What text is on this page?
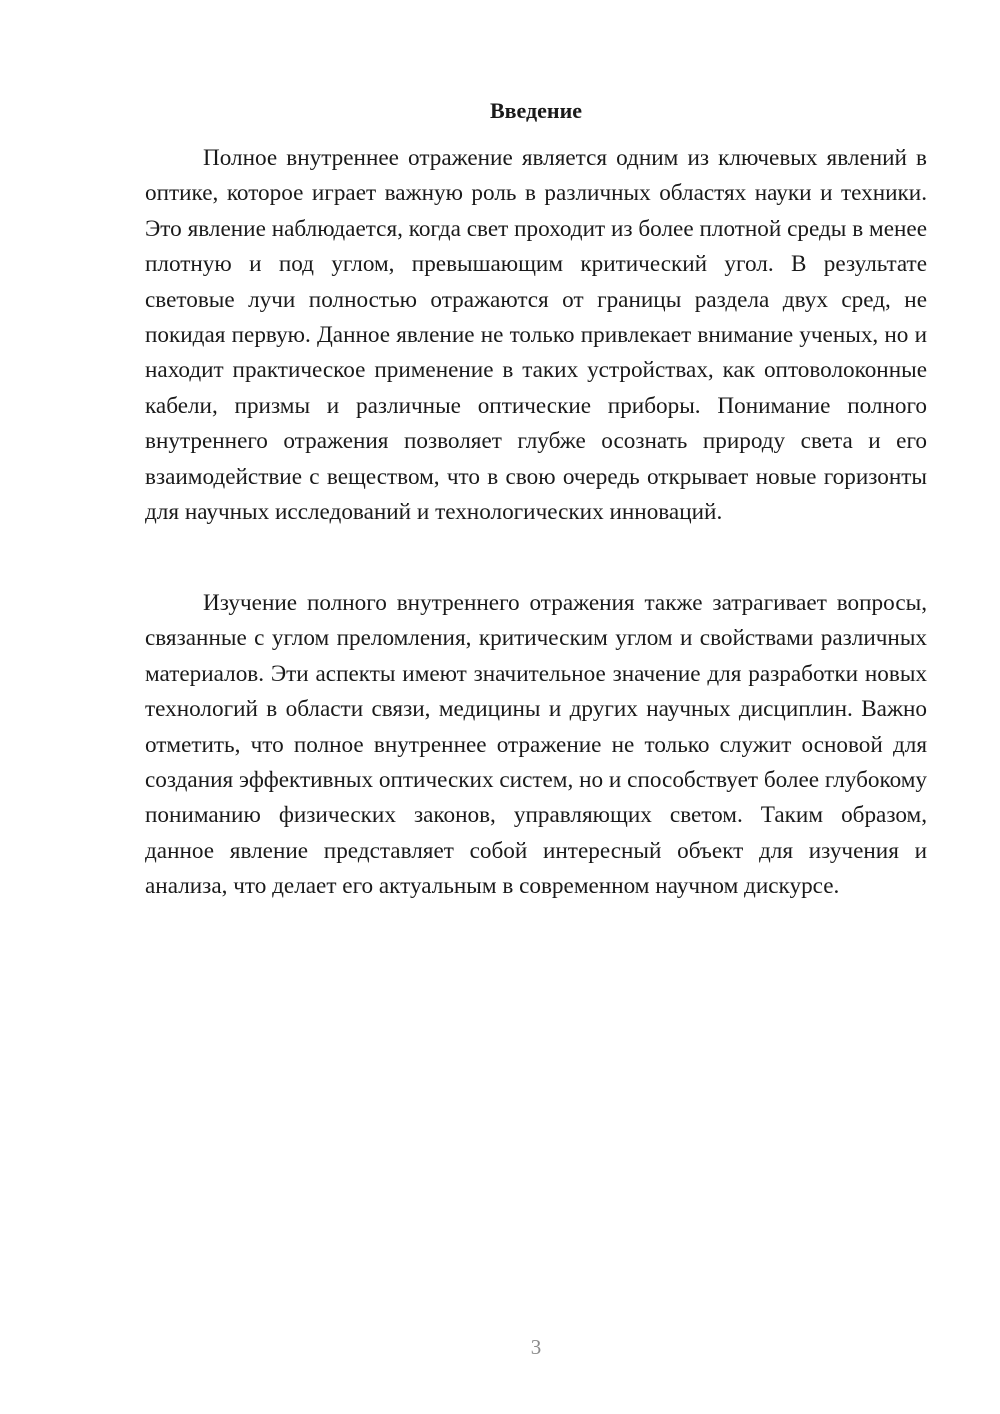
Введение

Полное внутреннее отражение является одним из ключевых явлений в оптике, которое играет важную роль в различных областях науки и техники. Это явление наблюдается, когда свет проходит из более плотной среды в менее плотную и под углом, превышающим критический угол. В результате световые лучи полностью отражаются от границы раздела двух сред, не покидая первую. Данное явление не только привлекает внимание ученых, но и находит практическое применение в таких устройствах, как оптоволоконные кабели, призмы и различные оптические приборы. Понимание полного внутреннего отражения позволяет глубже осознать природу света и его взаимодействие с веществом, что в свою очередь открывает новые горизонты для научных исследований и технологических инноваций.

Изучение полного внутреннего отражения также затрагивает вопросы, связанные с углом преломления, критическим углом и свойствами различных материалов. Эти аспекты имеют значительное значение для разработки новых технологий в области связи, медицины и других научных дисциплин. Важно отметить, что полное внутреннее отражение не только служит основой для создания эффективных оптических систем, но и способствует более глубокому пониманию физических законов, управляющих светом. Таким образом, данное явление представляет собой интересный объект для изучения и анализа, что делает его актуальным в современном научном дискурсе.

3
